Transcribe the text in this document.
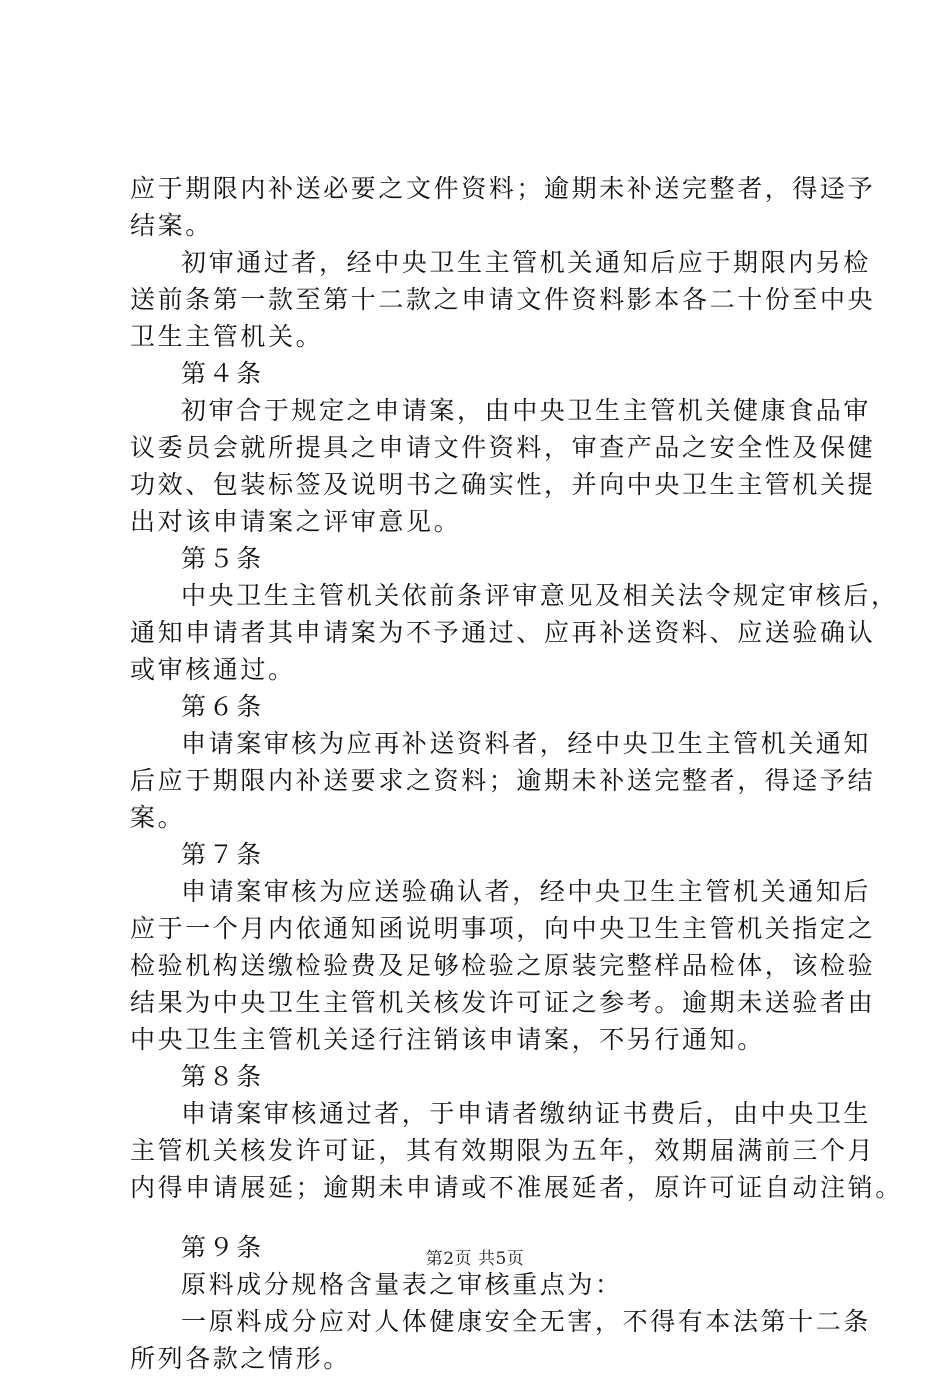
应于期限内补送必要之文件资料；逾期未补送完整者，得迳予
结案。
初审通过者，经中央卫生主管机关通知后应于期限内另检
送前条第一款至第十二款之申请文件资料影本各二十份至中央
卫生主管机关。
第４条
初审合于规定之申请案，由中央卫生主管机关健康食品审
议委员会就所提具之申请文件资料，审查产品之安全性及保健
功效、包装标签及说明书之确实性，并向中央卫生主管机关提
出对该申请案之评审意见。
第５条
中央卫生主管机关依前条评审意见及相关法令规定审核后，
通知申请者其申请案为不予通过、应再补送资料、应送验确认
或审核通过。
第６条
申请案审核为应再补送资料者，经中央卫生主管机关通知
后应于期限内补送要求之资料；逾期未补送完整者，得迳予结
案。
第７条
申请案审核为应送验确认者，经中央卫生主管机关通知后
应于一个月内依通知函说明事项，向中央卫生主管机关指定之
检验机构送缴检验费及足够检验之原装完整样品检体，该检验
结果为中央卫生主管机关核发许可证之参考。逾期未送验者由
中央卫生主管机关迳行注销该申请案，不另行通知。
第８条
申请案审核通过者，于申请者缴纳证书费后，由中央卫生
主管机关核发许可证，其有效期限为五年，效期届满前三个月
内得申请展延；逾期未申请或不准展延者，原许可证自动注销。
第９条
原料成分规格含量表之审核重点为：
一原料成分应对人体健康安全无害，不得有本法第十二条
所列各款之情形。
第2页 共5页
